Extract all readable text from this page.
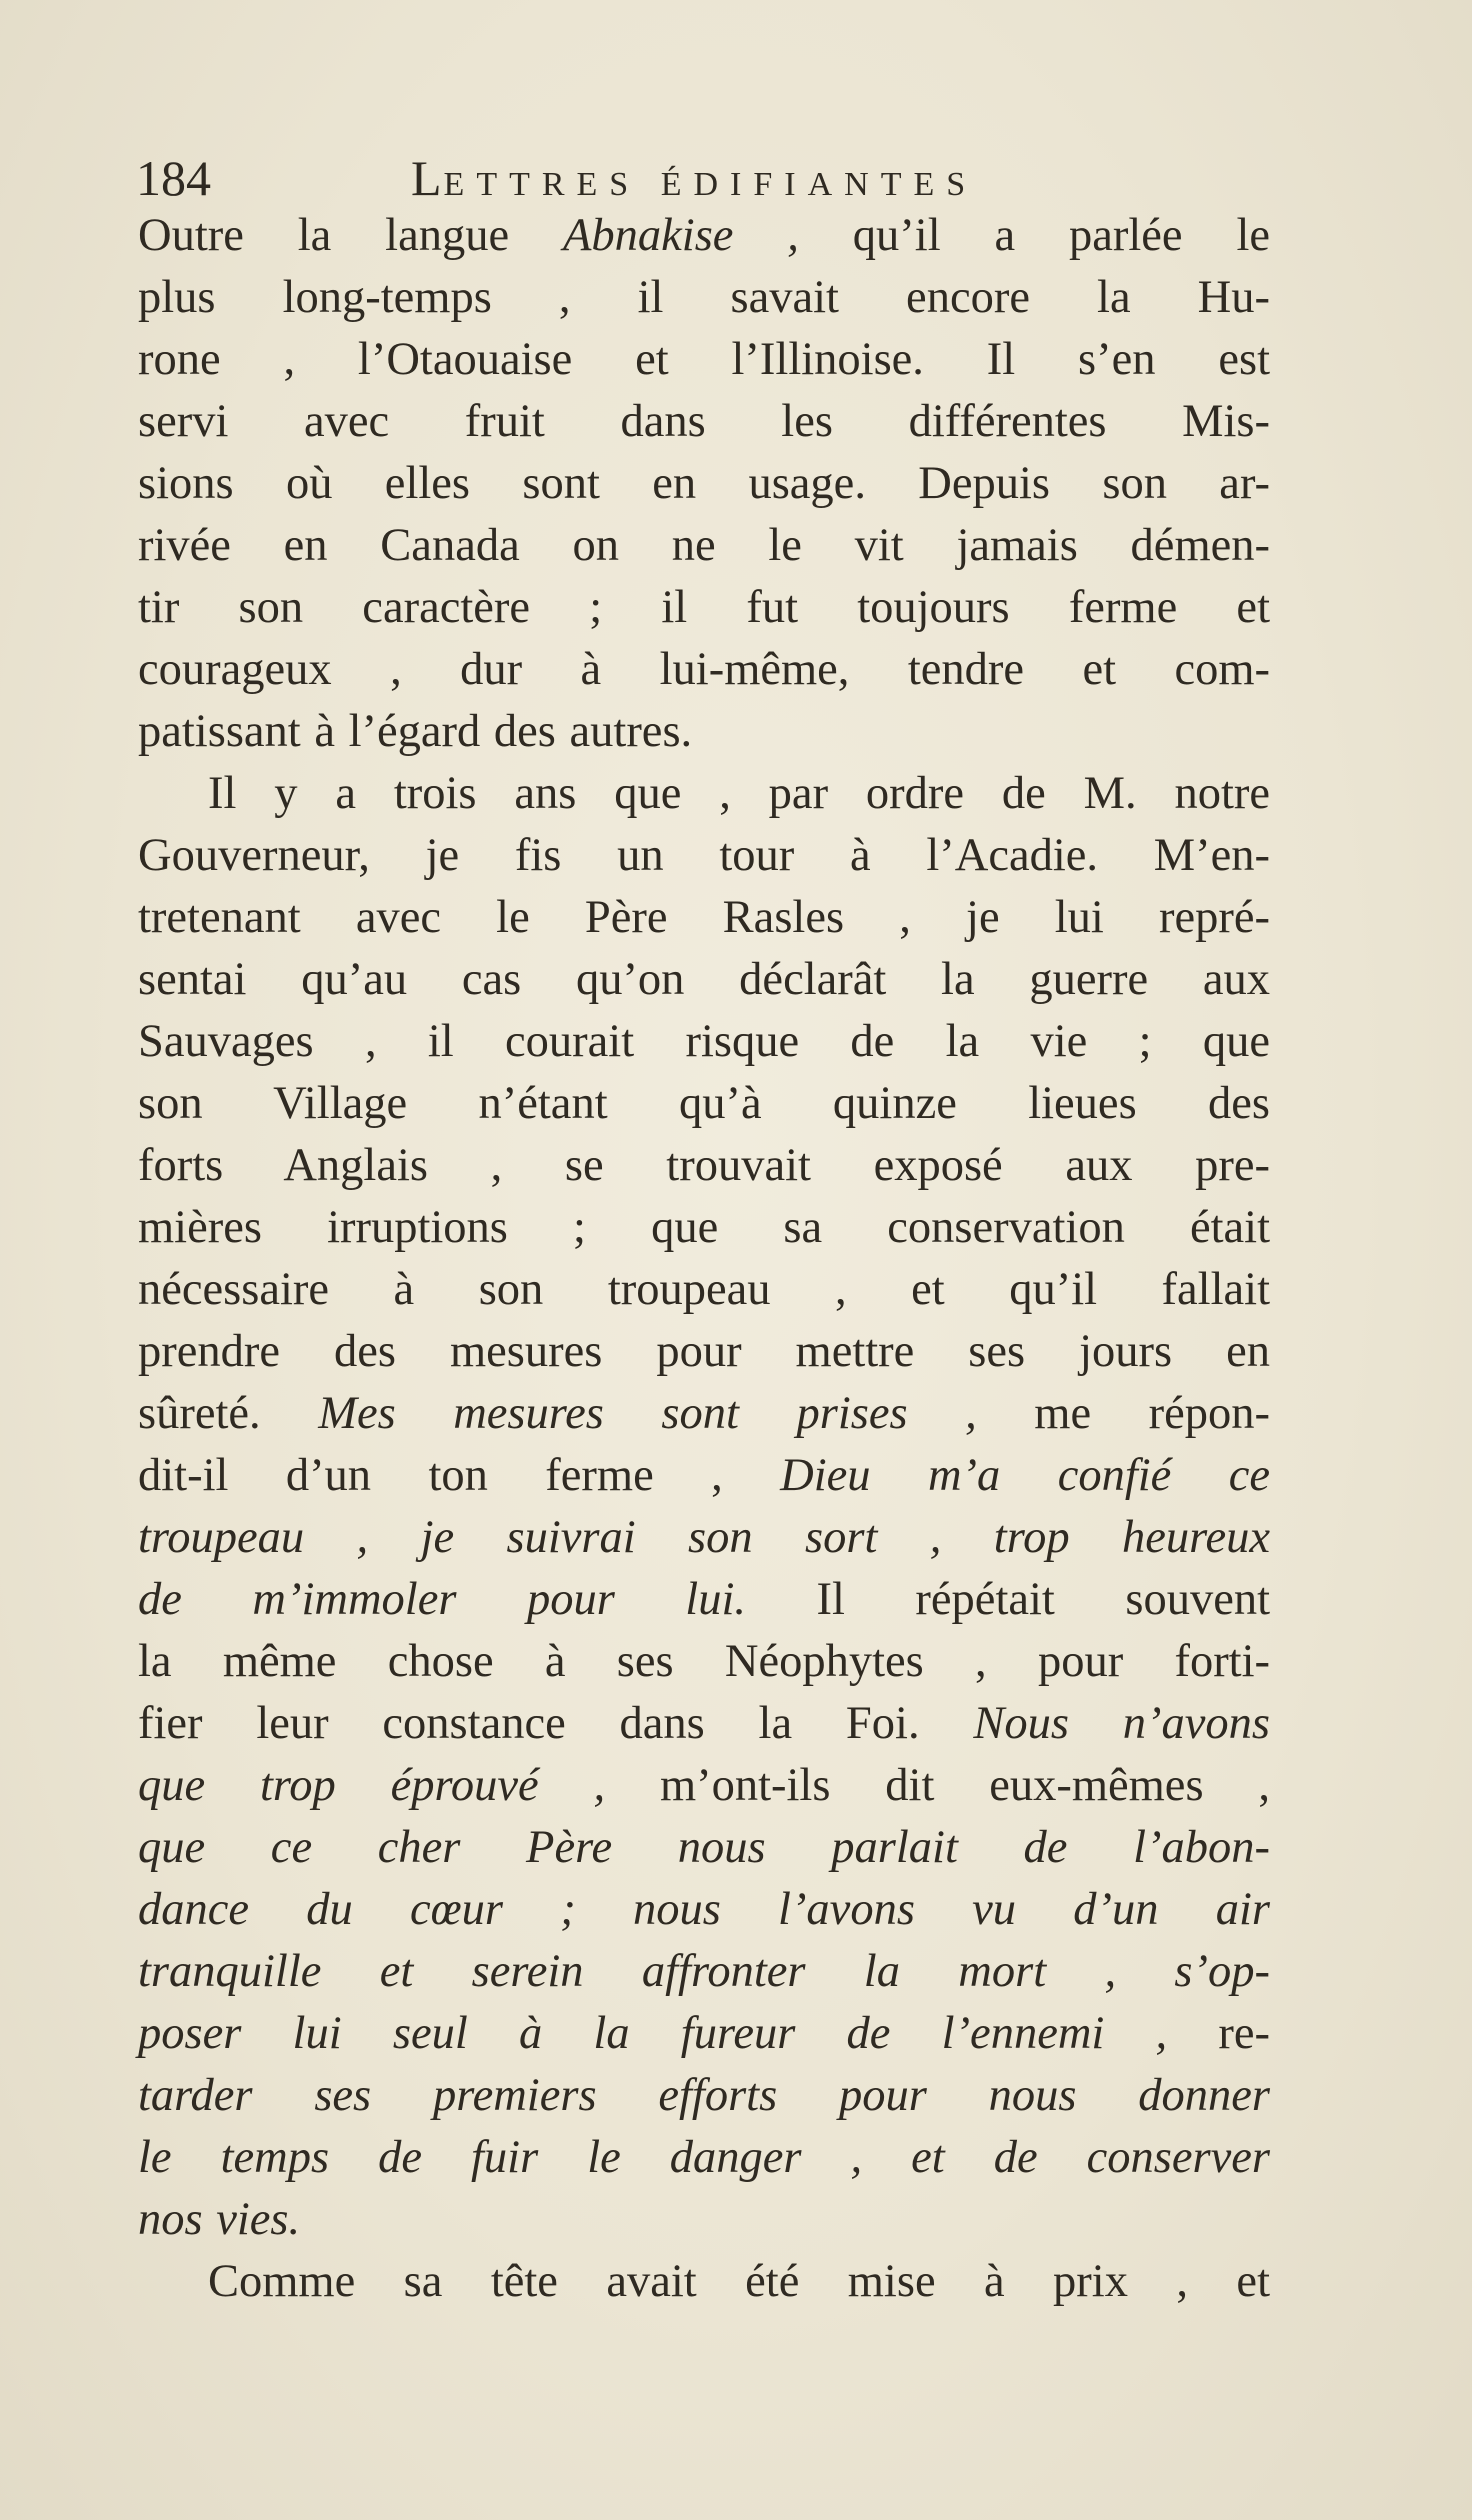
184	LETTRES ÉDIFIANTES
Outre la langue Abnakise , qu’il a parlée le
plus long-temps , il savait encore la Hu-
rone , l’Otaouaise et l’Illinoise. Il s’en est
servi avec fruit dans les différentes Mis-
sions où elles sont en usage. Depuis son ar-
rivée en Canada on ne le vit jamais démen-
tir son caractère ; il fut toujours ferme et
courageux , dur à lui-même, tendre et com-
patissant à l’égard des autres.
Il y a trois ans que , par ordre de M. notre
Gouverneur, je fis un tour à l’Acadie. M’en-
tretenant avec le Père Rasles , je lui repré-
sentai qu’au cas qu’on déclarât la guerre aux
Sauvages , il courait risque de la vie ; que
son Village n’étant qu’à quinze lieues des
forts Anglais , se trouvait exposé aux pre-
mières irruptions ; que sa conservation était
nécessaire à son troupeau , et qu’il fallait
prendre des mesures pour mettre ses jours en
sûreté. Mes mesures sont prises , me répon-
dit-il d’un ton ferme , Dieu m’a confié ce
troupeau , je suivrai son sort , trop heureux
de m’immoler pour lui. Il répétait souvent
la même chose à ses Néophytes , pour forti-
fier leur constance dans la Foi. Nous n’avons
que trop éprouvé , m’ont-ils dit eux-mêmes ,
que ce cher Père nous parlait de l’abon-
dance du cœur ; nous l’avons vu d’un air
tranquille et serein affronter la mort , s’op-
poser lui seul à la fureur de l’ennemi , re-
tarder ses premiers efforts pour nous donner
le temps de fuir le danger , et de conserver
nos vies.
Comme sa tête avait été mise à prix , et
